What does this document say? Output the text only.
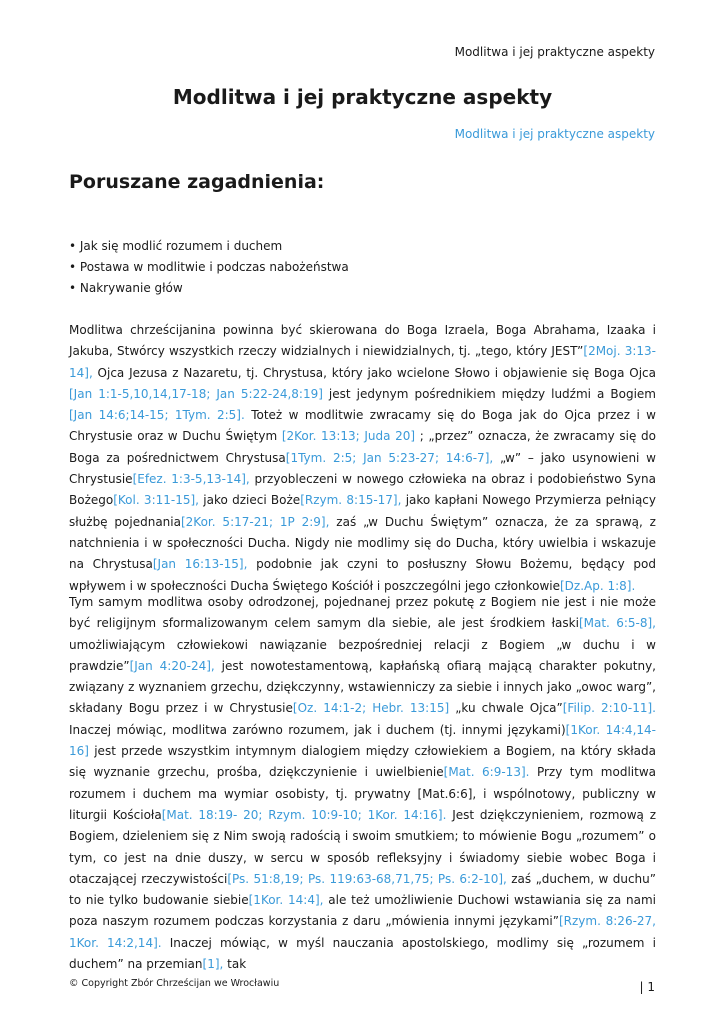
Modlitwa i jej praktyczne aspekty
Modlitwa i jej praktyczne aspekty
Modlitwa i jej praktyczne aspekty
Poruszane zagadnienia:
• Jak się modlić rozumem i duchem
• Postawa w modlitwie i podczas nabożeństwa
• Nakrywanie głów

Modlitwa chrześcijanina powinna być skierowana do Boga Izraela, Boga Abrahama, Izaaka i Jakuba, Stwórcy wszystkich rzeczy widzialnych i niewidzialnych, tj. „tego, który JEST”[2Moj. 3:13-14], Ojca Jezusa z Nazaretu, tj. Chrystusa, który jako wcielone Słowo i objawienie się Boga Ojca [Jan 1:1-5,10,14,17-18; Jan 5:22-24,8:19] jest jedynym pośrednikiem między ludźmi a Bogiem [Jan 14:6;14-15; 1Tym. 2:5]. Toteż w modlitwie zwracamy się do Boga jak do Ojca przez i w Chrystusie oraz w Duchu Świętym [2Kor. 13:13; Juda 20] ; „przez” oznacza, że zwracamy się do Boga za pośrednictwem Chrystusa[1Tym. 2:5; Jan 5:23-27; 14:6-7], „w” – jako usynowieni w Chrystusie[Efez. 1:3-5,13-14], przyobleczeni w nowego człowieka na obraz i podobieństwo Syna Bożego[Kol. 3:11-15], jako dzieci Boże[Rzym. 8:15-17], jako kapłani Nowego Przymierza pełniący służbę pojednania[2Kor. 5:17-21; 1P 2:9], zaś „w Duchu Świętym” oznacza, że za sprawą, z natchnienia i w społeczności Ducha. Nigdy nie modlimy się do Ducha, który uwielbia i wskazuje na Chrystusa[Jan 16:13-15], podobnie jak czyni to posłuszny Słowu Bożemu, będący pod wpływem i w społeczności Ducha Świętego Kościół i poszczególni jego członkowie[Dz.Ap. 1:8].

Tym samym modlitwa osoby odrodzonej, pojednanej przez pokutę z Bogiem nie jest i nie może być religijnym sformalizowanym celem samym dla siebie, ale jest środkiem łaski[Mat. 6:5-8], umożliwiającym człowiekowi nawiązanie bezpośredniej relacji z Bogiem „w duchu i w prawdzie”[Jan 4:20-24], jest nowotestamentową, kapłańską ofiarą mającą charakter pokutny, związany z wyznaniem grzechu, dziękczynny, wstawienniczy za siebie i innych jako „owoc warg”, składany Bogu przez i w Chrystusie[Oz. 14:1-2; Hebr. 13:15] „ku chwale Ojca”[Filip. 2:10-11]. Inaczej mówiąc, modlitwa zarówno rozumem, jak i duchem (tj. innymi językami)[1Kor. 14:4,14-16] jest przede wszystkim intymnym dialogiem między człowiekiem a Bogiem, na który składa się wyznanie grzechu, prośba, dziękczynienie i uwielbienie[Mat. 6:9-13]. Przy tym modlitwa rozumem i duchem ma wymiar osobisty, tj. prywatny [Mat.6:6], i wspólnotowy, publiczny w liturgii Kościoła[Mat. 18:19- 20; Rzym. 10:9-10; 1Kor. 14:16]. Jest dziękczynieniem, rozmową z Bogiem, dzieleniem się z Nim swoją radością i swoim smutkiem; to mówienie Bogu „rozumem” o tym, co jest na dnie duszy, w sercu w sposób refleksyjny i świadomy siebie wobec Boga i otaczającej rzeczywistości[Ps. 51:8,19; Ps. 119:63-68,71,75; Ps. 6:2-10], zaś „duchem, w duchu” to nie tylko budowanie siebie[1Kor. 14:4], ale też umożliwienie Duchowi wstawiania się za nami poza naszym rozumem podczas korzystania z daru „mówienia innymi językami”[Rzym. 8:26-27, 1Kor. 14:2,14]. Inaczej mówiąc, w myśl nauczania apostolskiego, modlimy się „rozumem i duchem” na przemian[1], tak

© Copyright Zbór Chrześcijan we Wrocławiu	| 1
